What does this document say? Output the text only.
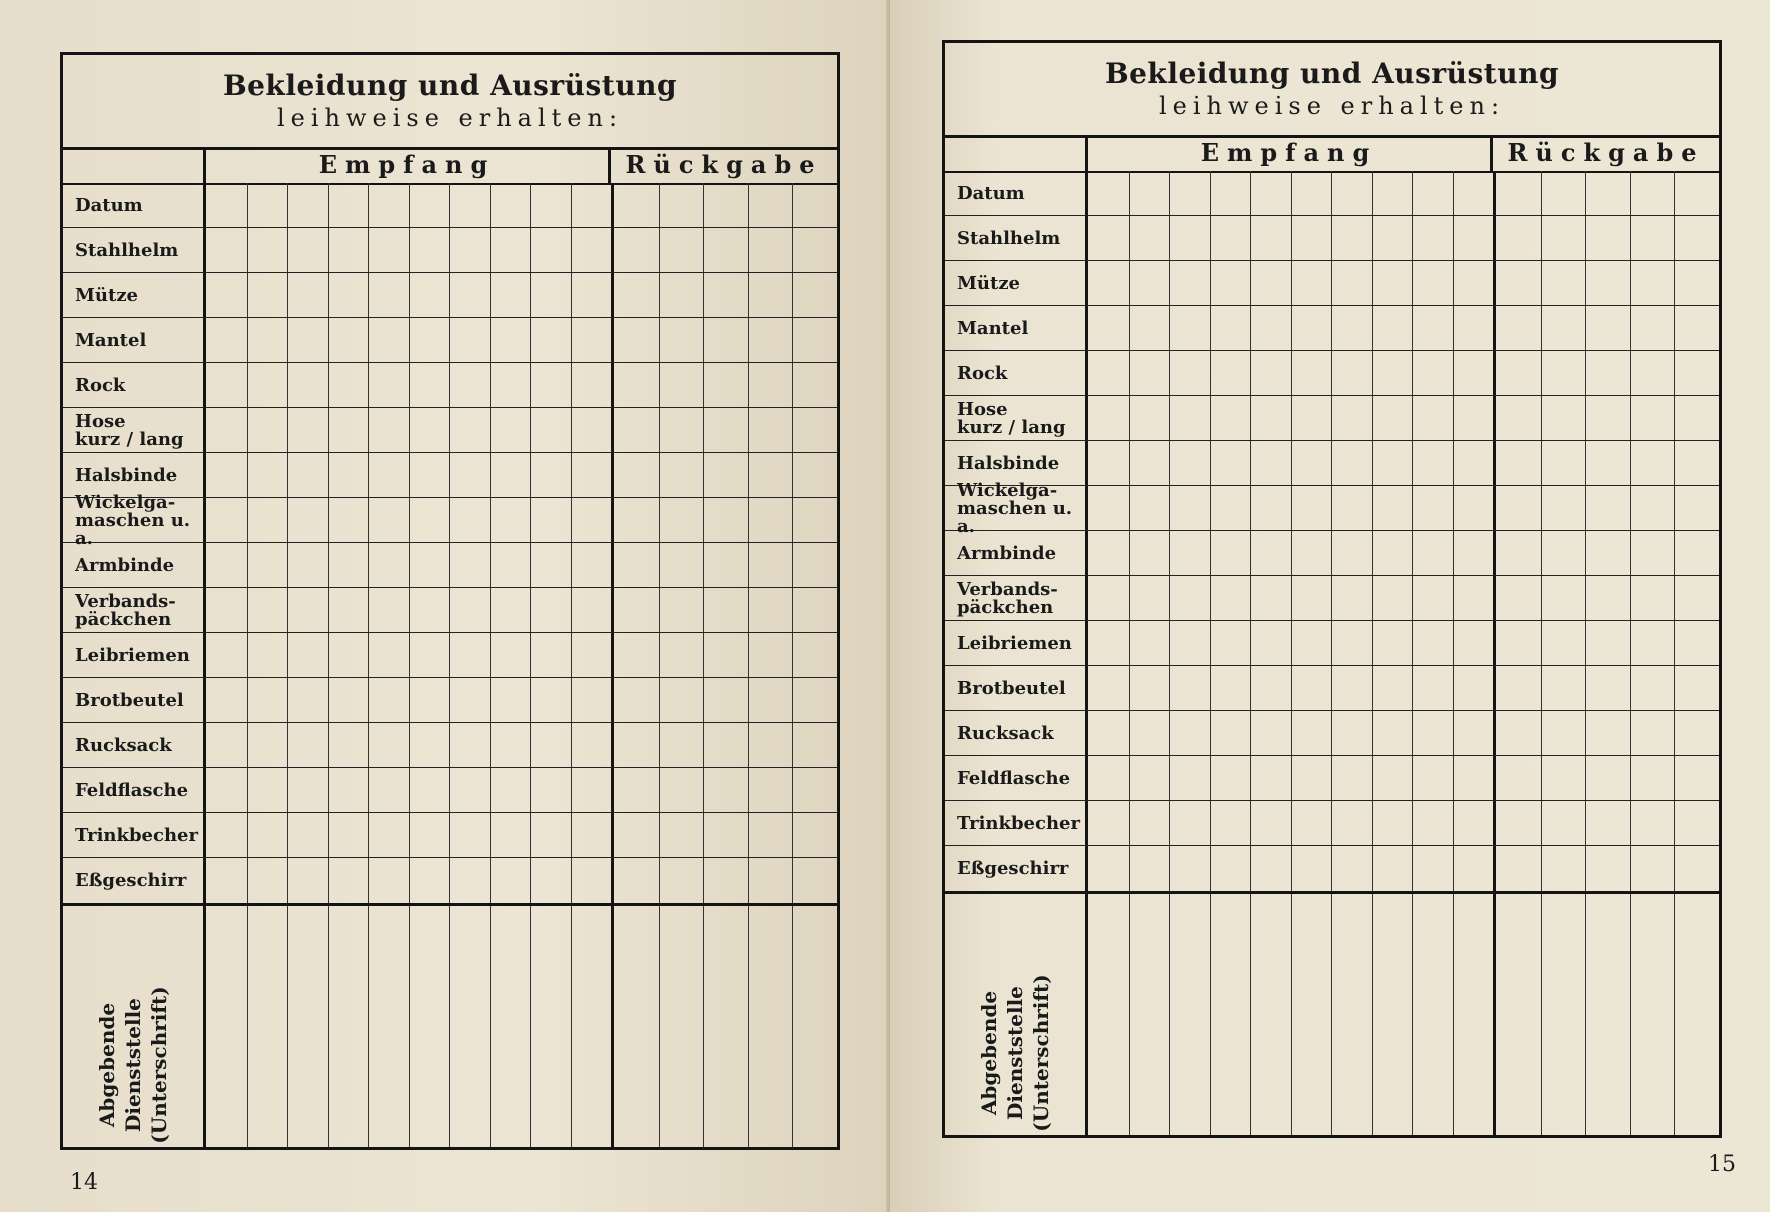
Bekleidung und Ausrüstung
leihweise erhalten:
Empfang	Rückgabe
Datum
Stahlhelm
Mütze
Mantel
Rock
Hose
kurz / lang
Halsbinde
Wickelga-
maschen u. a.
Armbinde
Verbands-
päckchen
Leibriemen
Brotbeutel
Rucksack
Feldflasche
Trinkbecher
Eßgeschirr
Abgebende
Dienststelle
(Unterschrift)
14
Bekleidung und Ausrüstung
leihweise erhalten:
Empfang	Rückgabe
Datum
Stahlhelm
Mütze
Mantel
Rock
Hose
kurz / lang
Halsbinde
Wickelga-
maschen u. a.
Armbinde
Verbands-
päckchen
Leibriemen
Brotbeutel
Rucksack
Feldflasche
Trinkbecher
Eßgeschirr
Abgebende
Dienststelle
(Unterschrift)
15
